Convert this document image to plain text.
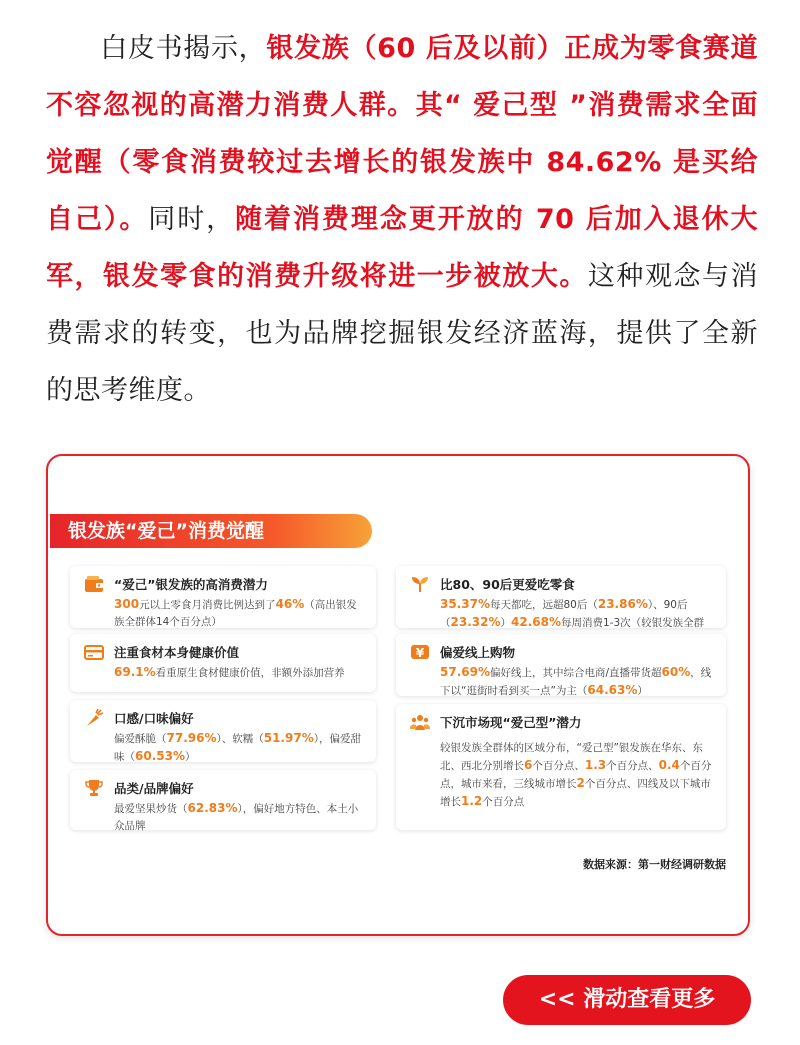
白皮书揭示，银发族（60 后及以前）正成为零食赛道不容忽视的高潜力消费人群。其“ 爱己型 ”消费需求全面觉醒（零食消费较过去增长的银发族中 84.62% 是买给自己）。同时，随着消费理念更开放的 70 后加入退休大军，银发零食的消费升级将进一步被放大。这种观念与消费需求的转变，也为品牌挖掘银发经济蓝海，提供了全新的思考维度。
银发族“爱己”消费觉醒
“爱己”银发族的高消费潜力
300元以上零食月消费比例达到了46%（高出银发族全群体14个百分点）
注重食材本身健康价值
69.1%看重原生食材健康价值，非额外添加营养
口感/口味偏好
偏爱酥脆（77.96%）、软糯（51.97%），偏爱甜味（60.53%）
品类/品牌偏好
最爱坚果炒货（62.83%），偏好地方特色、本土小众品牌
比80、90后更爱吃零食
35.37%每天都吃，远超80后（23.86%）、90后（23.32%）42.68%每周消费1-3次（较银发族全群
¥ 偏爱线上购物
57.69%偏好线上，其中综合电商/直播带货超60%，线下以“逛街时看到买一点”为主（64.63%）
下沉市场现“爱己型”潜力
较银发族全群体的区域分布，“爱己型”银发族在华东、东北、西北分别增长6个百分点、1.3个百分点、0.4个百分点，城市来看，三线城市增长2个百分点、四线及以下城市增长1.2个百分点
数据来源：第一财经调研数据
<< 滑动查看更多
